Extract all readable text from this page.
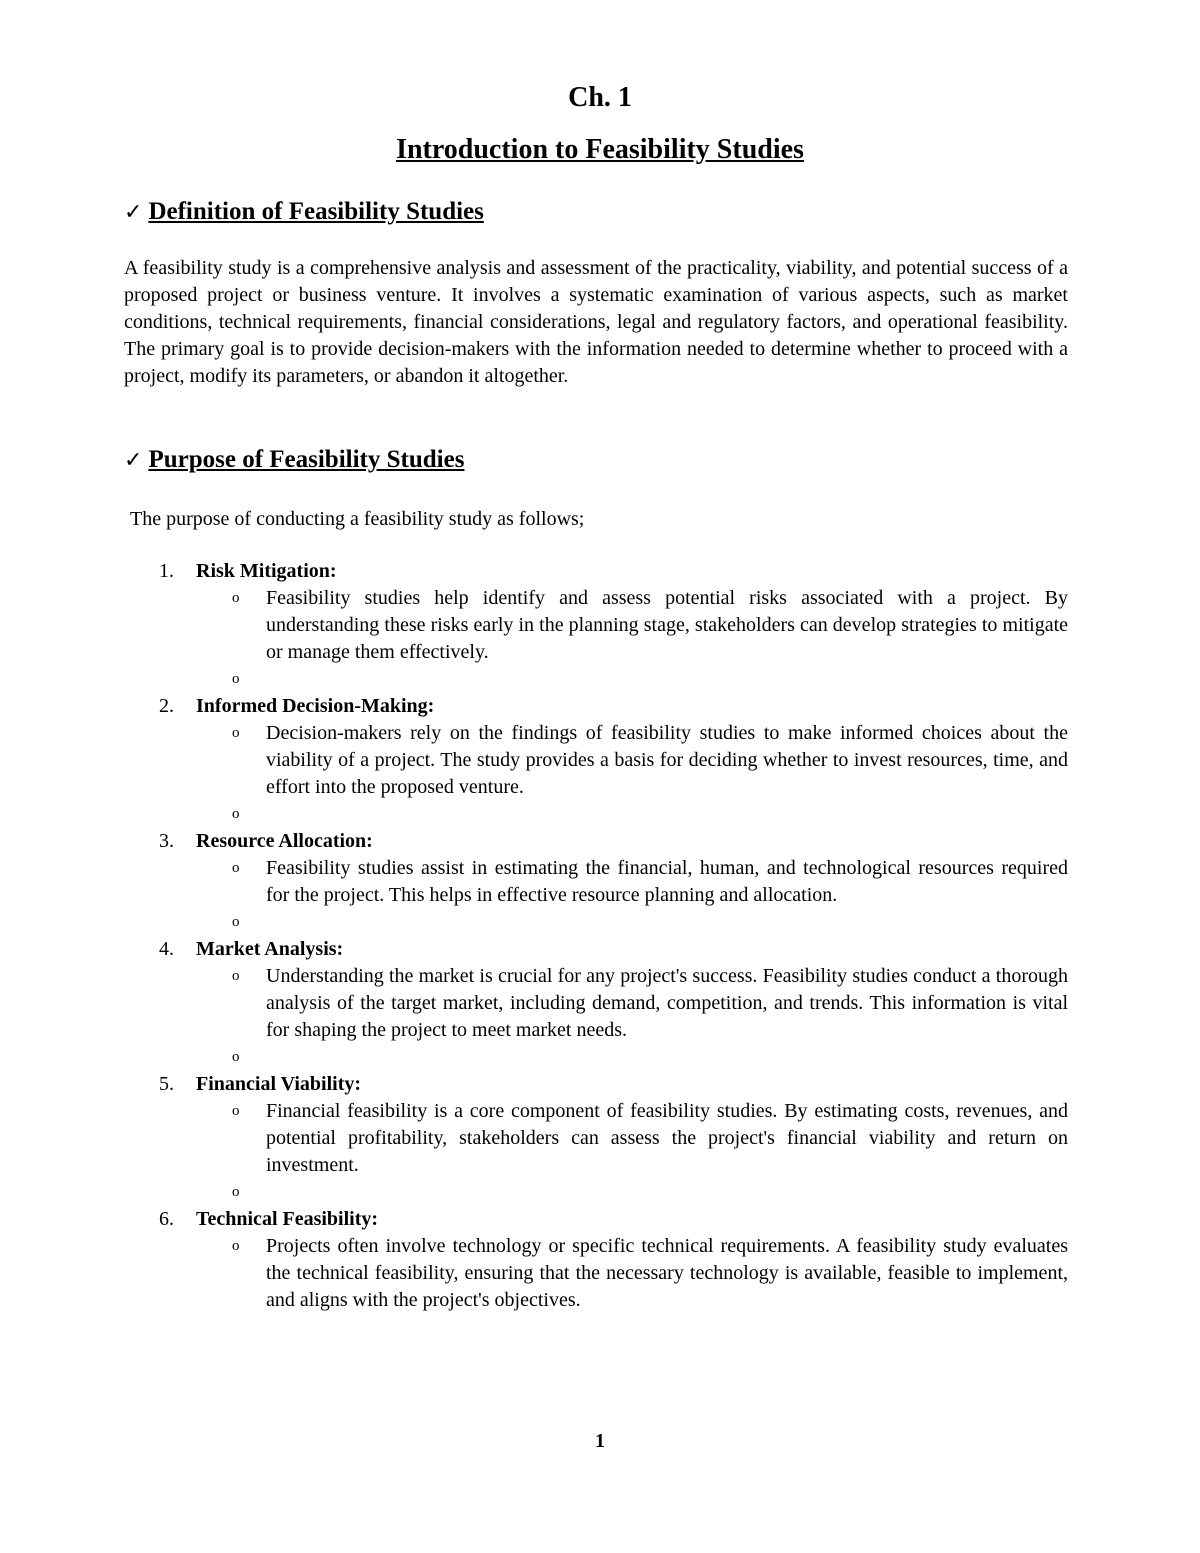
Ch. 1
Introduction to Feasibility Studies
✓ Definition of Feasibility Studies
A feasibility study is a comprehensive analysis and assessment of the practicality, viability, and potential success of a proposed project or business venture. It involves a systematic examination of various aspects, such as market conditions, technical requirements, financial considerations, legal and regulatory factors, and operational feasibility. The primary goal is to provide decision-makers with the information needed to determine whether to proceed with a project, modify its parameters, or abandon it altogether.
✓ Purpose of Feasibility Studies
The purpose of conducting a feasibility study as follows;
1. Risk Mitigation:
o Feasibility studies help identify and assess potential risks associated with a project. By understanding these risks early in the planning stage, stakeholders can develop strategies to mitigate or manage them effectively.
o
2. Informed Decision-Making:
o Decision-makers rely on the findings of feasibility studies to make informed choices about the viability of a project. The study provides a basis for deciding whether to invest resources, time, and effort into the proposed venture.
o
3. Resource Allocation:
o Feasibility studies assist in estimating the financial, human, and technological resources required for the project. This helps in effective resource planning and allocation.
o
4. Market Analysis:
o Understanding the market is crucial for any project's success. Feasibility studies conduct a thorough analysis of the target market, including demand, competition, and trends. This information is vital for shaping the project to meet market needs.
o
5. Financial Viability:
o Financial feasibility is a core component of feasibility studies. By estimating costs, revenues, and potential profitability, stakeholders can assess the project's financial viability and return on investment.
o
6. Technical Feasibility:
o Projects often involve technology or specific technical requirements. A feasibility study evaluates the technical feasibility, ensuring that the necessary technology is available, feasible to implement, and aligns with the project's objectives.
1
